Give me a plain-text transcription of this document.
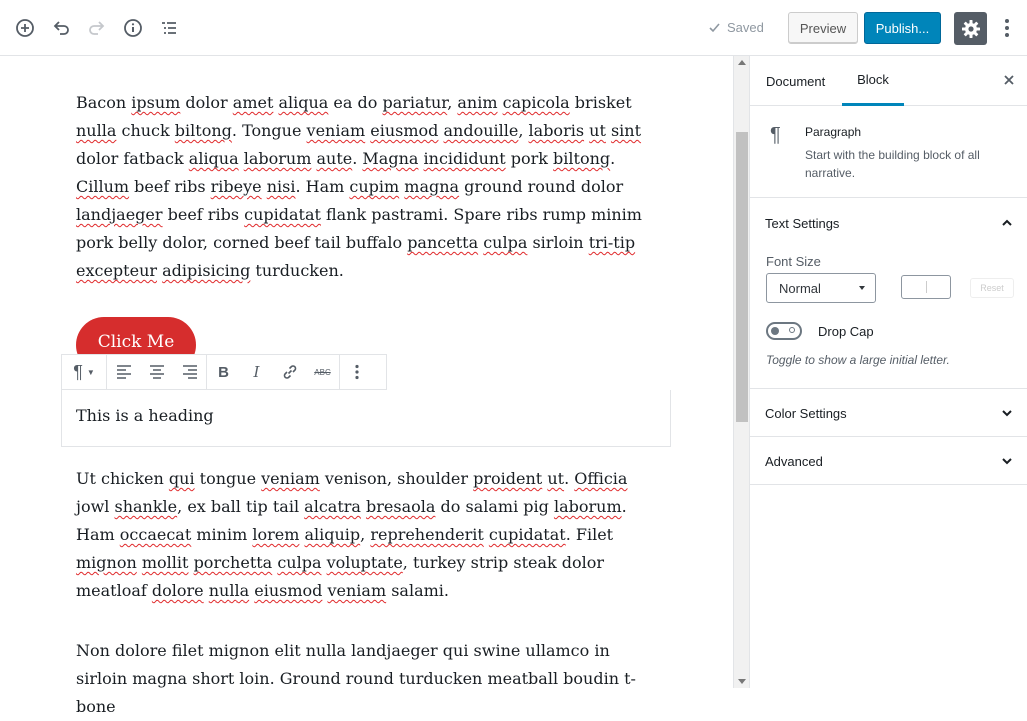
Saved	Preview	Publish...

Bacon ipsum dolor amet aliqua ea do pariatur, anim capicola brisket nulla chuck biltong. Tongue veniam eiusmod andouille, laboris ut sint dolor fatback aliqua laborum aute. Magna incididunt pork biltong. Cillum beef ribs ribeye nisi. Ham cupim magna ground round dolor landjaeger beef ribs cupidatat flank pastrami. Spare ribs rump minim pork belly dolor, corned beef tail buffalo pancetta culpa sirloin tri-tip excepteur adipisicing turducken.

Click Me
¶ ▼	B I	ABC
This is a heading

Ut chicken qui tongue veniam venison, shoulder proident ut. Officia jowl shankle, ex ball tip tail alcatra bresaola do salami pig laborum. Ham occaecat minim lorem aliquip, reprehenderit cupidatat. Filet mignon mollit porchetta culpa voluptate, turkey strip steak dolor meatloaf dolore nulla eiusmod veniam salami.

Non dolore filet mignon elit nulla landjaeger qui swine ullamco in sirloin magna short loin. Ground round turducken meatball boudin t-bone

Document	Block
¶ Paragraph
Start with the building block of all narrative.
Text Settings
Font Size
Normal	Reset
Drop Cap
Toggle to show a large initial letter.
Color Settings
Advanced
